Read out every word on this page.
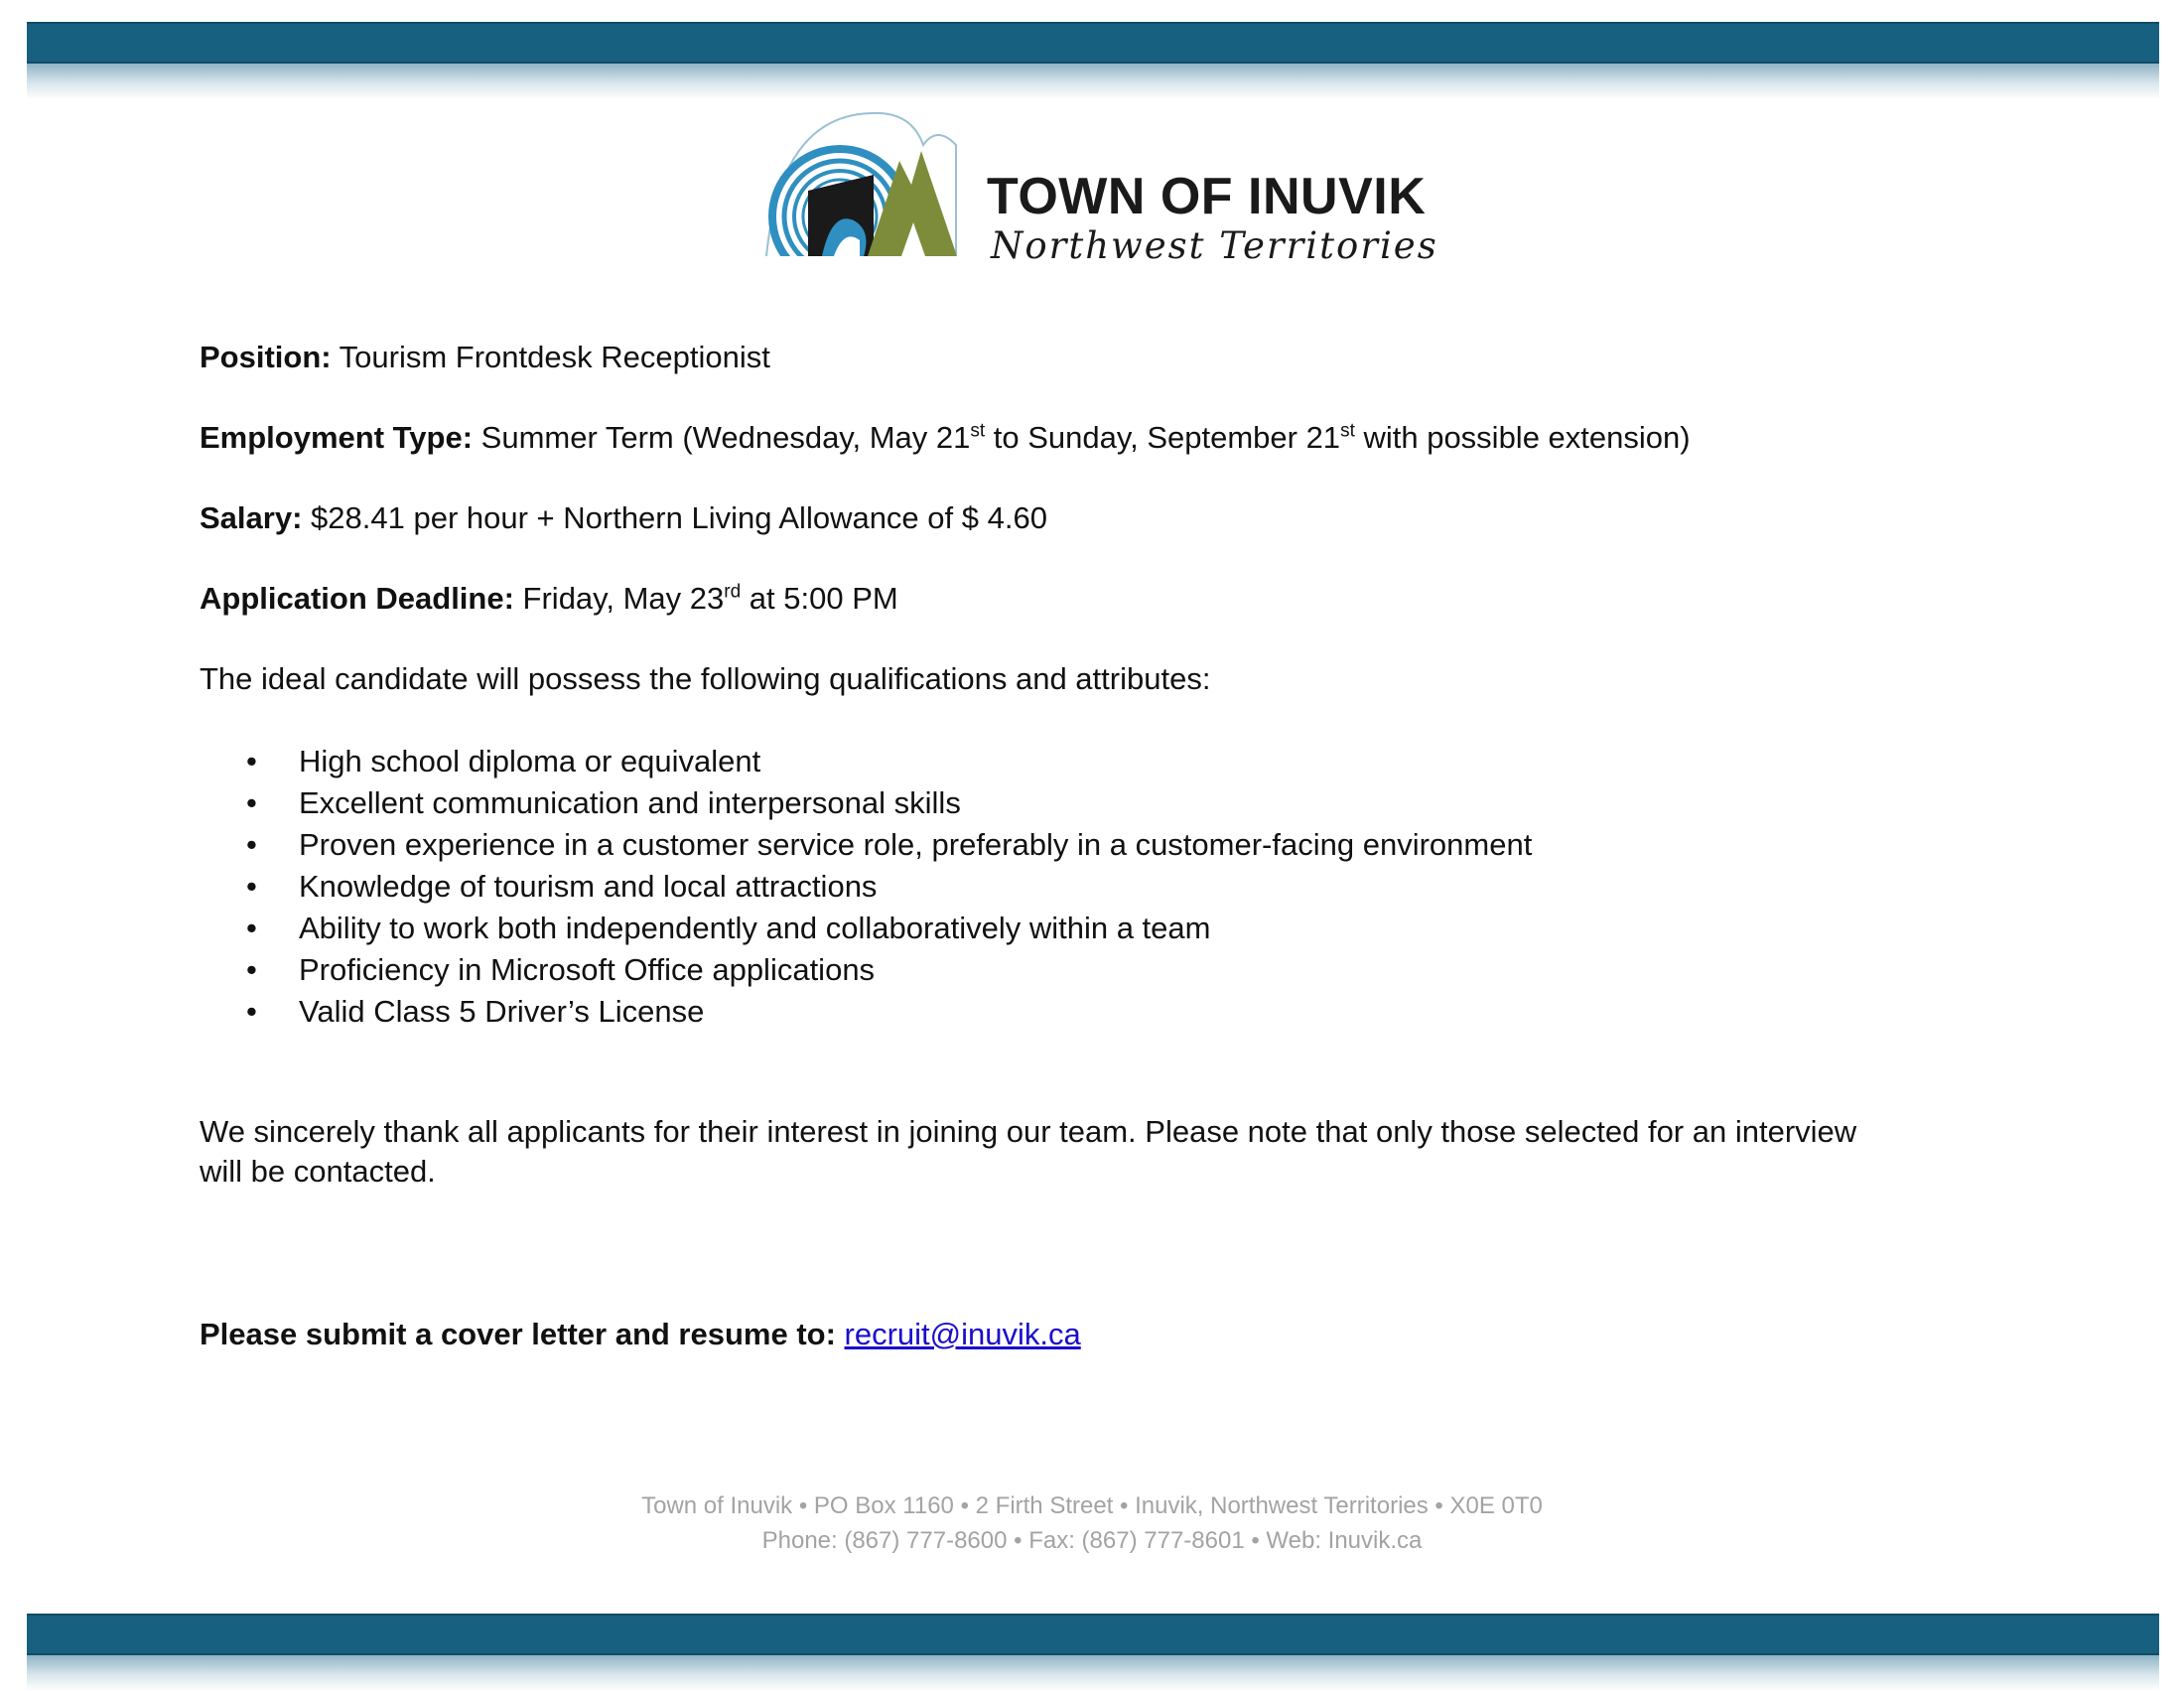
TOWN OF INUVIK
Northwest Territories

Position: Tourism Frontdesk Receptionist

Employment Type: Summer Term (Wednesday, May 21st to Sunday, September 21st with possible extension)

Salary: $28.41 per hour + Northern Living Allowance of $ 4.60

Application Deadline: Friday, May 23rd at 5:00 PM

The ideal candidate will possess the following qualifications and attributes:
• High school diploma or equivalent
• Excellent communication and interpersonal skills
• Proven experience in a customer service role, preferably in a customer-facing environment
• Knowledge of tourism and local attractions
• Ability to work both independently and collaboratively within a team
• Proficiency in Microsoft Office applications
• Valid Class 5 Driver’s License
We sincerely thank all applicants for their interest in joining our team. Please note that only those selected for an interview will be contacted.
Please submit a cover letter and resume to: recruit@inuvik.ca
Town of Inuvik • PO Box 1160 • 2 Firth Street • Inuvik, Northwest Territories • X0E 0T0
Phone: (867) 777-8600 • Fax: (867) 777-8601 • Web: Inuvik.ca
